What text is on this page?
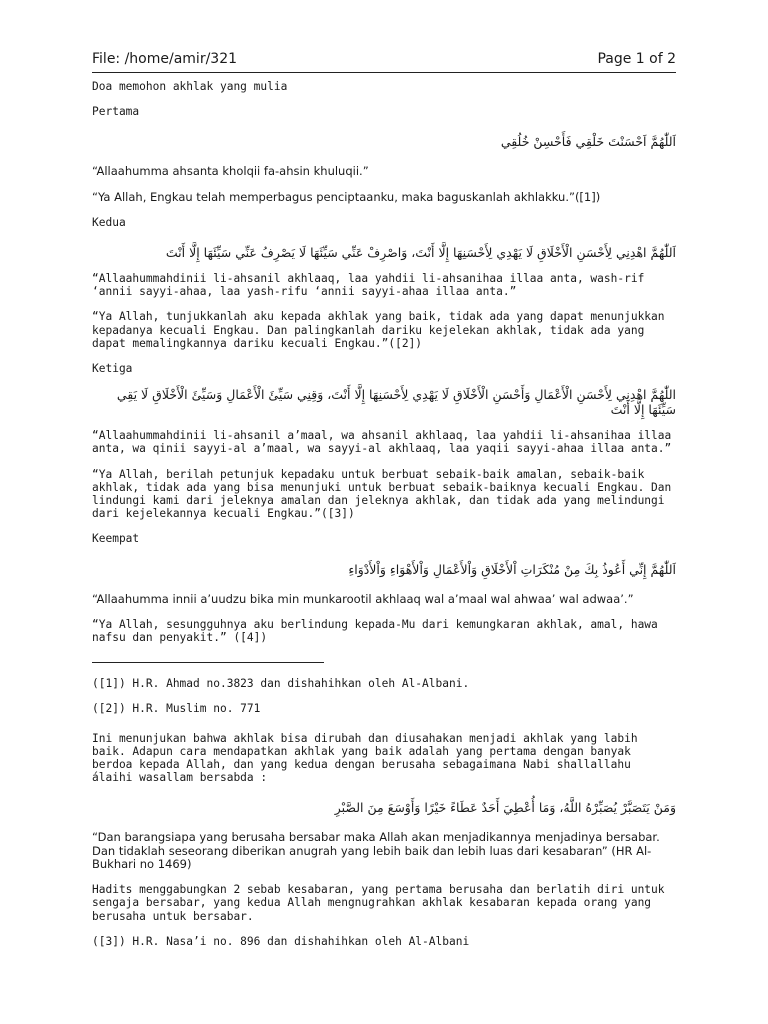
File: /home/amir/321	Page 1 of 2

Doa memohon akhlak yang mulia

Pertama

اَللّٰهُمَّ اَحْسَنْتَ خَلْقِي فَأَحْسِنْ خُلُقِي

“Allaahumma ahsanta kholqii fa-ahsin khuluqii.”

“Ya Allah, Engkau telah memperbagus penciptaanku, maka baguskanlah akhlakku.”([1])

Kedua

اَللّٰهُمَّ اهْدِنِي لِأَحْسَنِ الْأَخْلَاقِ لَا يَهْدِي لِأَحْسَنِهَا إِلَّا أَنْتَ، وَاصْرِفْ عَنِّي سَيِّئَهَا لَا يَصْرِفُ عَنِّي سَيِّئَهَا إِلَّا أَنْتَ

“Allaahummahdinii li-ahsanil akhlaaq, laa yahdii li-ahsanihaa illaa anta, wash-rif ‘annii sayyi-ahaa, laa yash-rifu ‘annii sayyi-ahaa illaa anta.”

“Ya Allah, tunjukkanlah aku kepada akhlak yang baik, tidak ada yang dapat menunjukkan kepadanya kecuali Engkau. Dan palingkanlah dariku kejelekan akhlak, tidak ada yang dapat memalingkannya dariku kecuali Engkau.”([2])

Ketiga

اللّٰهُمَّ اهْدِنِي لِأَحْسَنِ الْأَعْمَالِ وَأَحْسَنِ الْأَخْلَاقِ لَا يَهْدِي لِأَحْسَنِهَا إِلَّا أَنْتَ، وَقِنِي سَيِّئَ الْأَعْمَالِ وَسَيِّئَ الْأَخْلَاقِ لَا يَقِي سَيِّئَهَا إِلَّا أَنْتَ

“Allaahummahdinii li-ahsanil a’maal, wa ahsanil akhlaaq, laa yahdii li-ahsanihaa illaa anta, wa qinii sayyi-al a’maal, wa sayyi-al akhlaaq, laa yaqii sayyi-ahaa illaa anta.”

“Ya Allah, berilah petunjuk kepadaku untuk berbuat sebaik-baik amalan, sebaik-baik akhlak, tidak ada yang bisa menunjuki untuk berbuat sebaik-baiknya kecuali Engkau. Dan lindungi kami dari jeleknya amalan dan jeleknya akhlak, dan tidak ada yang melindungi dari kejelekannya kecuali Engkau.”([3])

Keempat

اَللّٰهُمَّ إِنِّي أَعُوذُ بِكَ مِنْ مُنْكَرَاتِ اْلأَخْلَاقِ وَاْلأَعْمَالِ وَاْلأَهْوَاءِ وَاْلأَدْوَاءِ

“Allaahumma innii a’uudzu bika min munkarootil akhlaaq wal a’maal wal ahwaa’ wal adwaa’.”

“Ya Allah, sesungguhnya aku berlindung kepada-Mu dari kemungkaran akhlak, amal, hawa nafsu dan penyakit.” ([4])

([1]) H.R. Ahmad no.3823 dan dishahihkan oleh Al-Albani.

([2]) H.R. Muslim no. 771

Ini menunjukan bahwa akhlak bisa dirubah dan diusahakan menjadi akhlak yang labih baik. Adapun cara mendapatkan akhlak yang baik adalah yang pertama dengan banyak berdoa kepada Allah, dan yang kedua dengan berusaha sebagaimana Nabi shallallahu álaihi wasallam bersabda :

وَمَنْ يَتَصَبَّرْ يُصَبِّرْهُ اللَّهُ، وَمَا أُعْطِيَ أَحَدٌ عَطَاءً خَيْرًا وَأَوْسَعَ مِنَ الصَّبْرِ

“Dan barangsiapa yang berusaha bersabar maka Allah akan menjadikannya menjadinya bersabar. Dan tidaklah seseorang diberikan anugrah yang lebih baik dan lebih luas dari kesabaran” (HR Al-Bukhari no 1469)

Hadits menggabungkan 2 sebab kesabaran, yang pertama berusaha dan berlatih diri untuk sengaja bersabar, yang kedua Allah mengnugrahkan akhlak kesabaran kepada orang yang berusaha untuk bersabar.

([3]) H.R. Nasa’i no. 896 dan dishahihkan oleh Al-Albani
